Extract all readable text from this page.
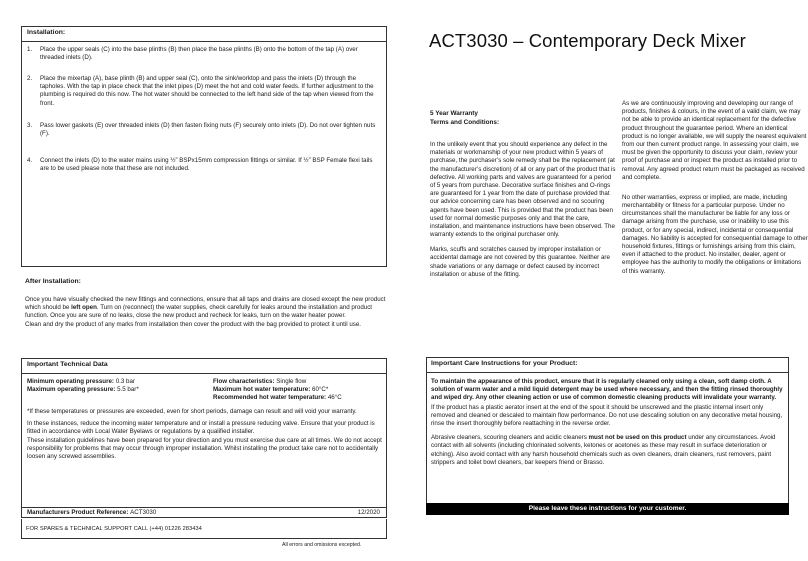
Installation:
1. Place the upper seals (C) into the base plinths (B) then place the base plinths (B) onto the bottom of the tap (A) over threaded inlets (D).

2. Place the mixertap (A), base plinth (B) and upper seal (C), onto the sink/worktop and pass the inlets (D) through the tapholes. With the tap in place check that the inlet pipes (D) meet the hot and cold water feeds. If further adjustment to the plumbing is required do this now. The hot water should be connected to the left hand side of the tap when viewed from the front.

3. Pass lower gaskets (E) over threaded inlets (D) then fasten fixing nuts (F) securely onto inlets (D). Do not over tighten nuts (F).

4. Connect the inlets (D) to the water mains using ½” BSPx15mm compression fittings or similar. If ½” BSP Female flexi tails are to be used please note that these are not included.

After Installation:

Once you have visually checked the new fittings and connections, ensure that all taps and drains are closed except the new product which should be left open. Turn on (reconnect) the water supplies, check carefully for leaks around the installation and product function. Once you are sure of no leaks, close the new product and recheck for leaks, turn on the water heater power.

Clean and dry the product of any marks from installation then cover the product with the bag provided to protect it until use.

Important Technical Data

Minimum operating pressure: 0.3 bar

Maximum operating pressure: 5.5 bar*

Flow characteristics: Single flow

Maximum hot water temperature: 60°C*

Recommended hot water temperature: 46°C

*If these temperatures or pressures are exceeded, even for short periods, damage can result and will void your warranty.

In these instances, reduce the incoming water temperature and or install a pressure reducing valve. Ensure that your product is fitted in accordance with Local Water Byelaws or regulations by a qualified installer.

These installation guidelines have been prepared for your direction and you must exercise due care at all times. We do not accept responsibility for problems that may occur through improper installation. Whilst installing the product take care not to accidentally loosen any screwed assemblies.

Manufacturers Product Reference: ACT3030	12/2020
FOR SPARES & TECHNICAL SUPPORT CALL (+44) 01226 283434
All errors and omissions excepted.
ACT3030 – Contemporary Deck Mixer
5 Year Warranty
Terms and Conditions:

In the unlikely event that you should experience any defect in the materials or workmanship of your new product within 5 years of purchase, the purchaser’s sole remedy shall be the replacement (at the manufacturer’s discretion) of all or any part of the product that is defective. All working parts and valves are guaranteed for a period of 5 years from purchase. Decorative surface finishes and O-rings are guaranteed for 1 year from the date of purchase provided that our advice concerning care has been observed and no scouring agents have been used. This is provided that the product has been used for normal domestic purposes only and that the care, installation, and maintenance instructions have been observed. The warranty extends to the original purchaser only.

Marks, scuffs and scratches caused by improper installation or accidental damage are not covered by this guarantee. Neither are shade variations or any damage or defect caused by incorrect installation or abuse of the fitting.

As we are continuously improving and developing our range of products, finishes & colours, in the event of a valid claim, we may not be able to provide an identical replacement for the defective product throughout the guarantee period. Where an identical product is no longer available, we will supply the nearest equivalent from our then current product range. In assessing your claim, we must be given the opportunity to discuss your claim, review your proof of purchase and or inspect the product as installed prior to removal. Any agreed product return must be packaged as received and complete.

No other warranties, express or implied, are made, including merchantability or fitness for a particular purpose. Under no circumstances shall the manufacturer be liable for any loss or damage arising from the purchase, use or inability to use this product, or for any special, indirect, incidental or consequential damages. No liability is accepted for consequential damage to other household fixtures, fittings or furnishings arising from this claim, even if attached to the product. No installer, dealer, agent or employee has the authority to modify the obligations or limitations of this warranty.

Important Care Instructions for your Product:

To maintain the appearance of this product, ensure that it is regularly cleaned only using a clean, soft damp cloth. A solution of warm water and a mild liquid detergent may be used where necessary, and then the fitting rinsed thoroughly and wiped dry. Any other cleaning action or use of common domestic cleaning products will invalidate your warranty.

If the product has a plastic aerator insert at the end of the spout it should be unscrewed and the plastic internal insert only removed and cleaned or descaled to maintain flow performance. Do not use descaling solution on any decorative metal housing, rinse the insert thoroughly before reattaching in the reverse order.

Abrasive cleaners, scouring cleaners and acidic cleaners must not be used on this product under any circumstances. Avoid contact with all solvents (including chlorinated solvents, ketones or acetones as these may result in surface deterioration or etching). Also avoid contact with any harsh household chemicals such as oven cleaners, drain cleaners, rust removers, paint strippers and toilet bowl cleaners, bar keepers friend or Brasso.

Please leave these instructions for your customer.
